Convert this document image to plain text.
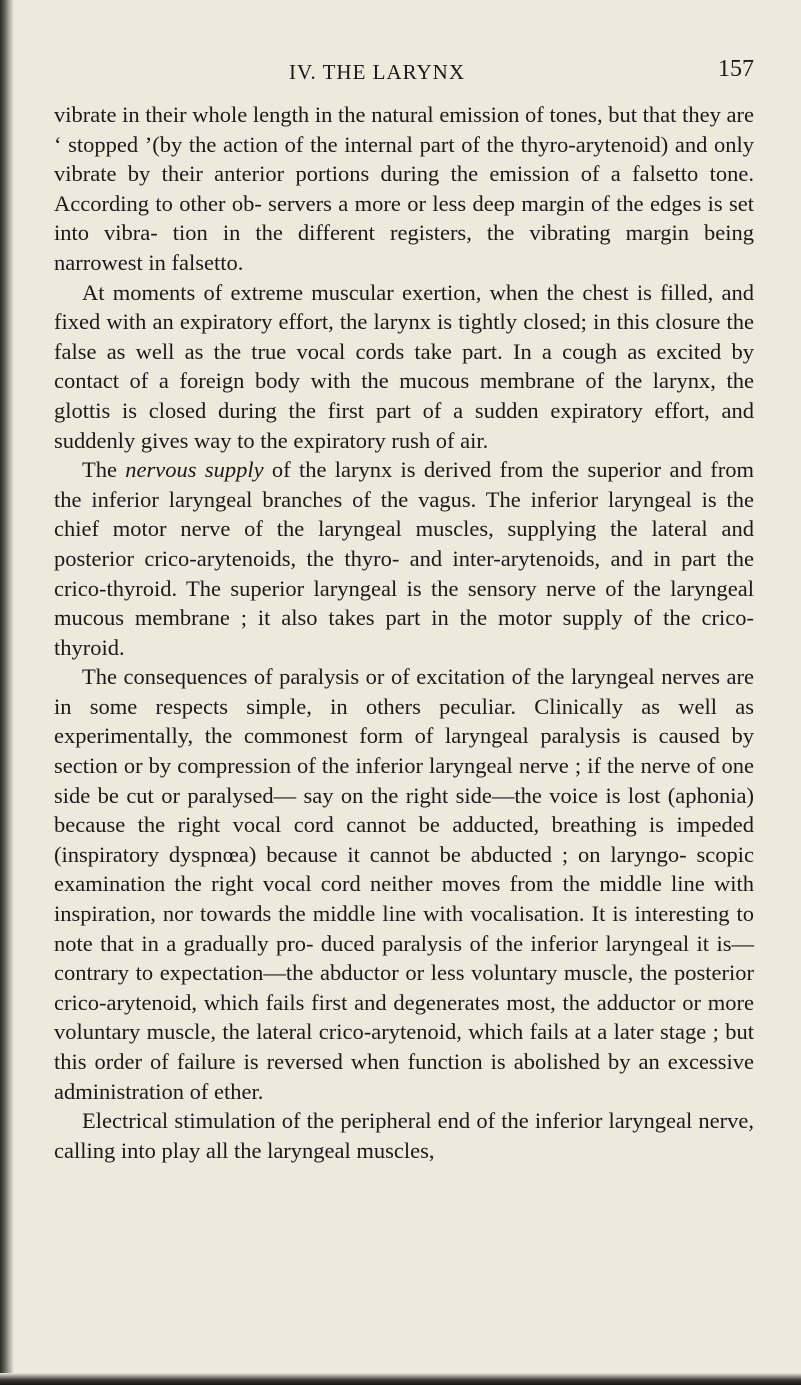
IV. THE LARYNX	157

vibrate in their whole length in the natural emission of tones, but that they are ‘ stopped ’(by the action of the internal part of the thyro-arytenoid) and only vibrate by their anterior portions during the emission of a falsetto tone. According to other ob- servers a more or less deep margin of the edges is set into vibra- tion in the different registers, the vibrating margin being narrowest in falsetto.

At moments of extreme muscular exertion, when the chest is filled, and fixed with an expiratory effort, the larynx is tightly closed; in this closure the false as well as the true vocal cords take part. In a cough as excited by contact of a foreign body with the mucous membrane of the larynx, the glottis is closed during the first part of a sudden expiratory effort, and suddenly gives way to the expiratory rush of air.

The nervous supply of the larynx is derived from the superior and from the inferior laryngeal branches of the vagus. The inferior laryngeal is the chief motor nerve of the laryngeal muscles, supplying the lateral and posterior crico-arytenoids, the thyro- and inter-arytenoids, and in part the crico-thyroid. The superior laryngeal is the sensory nerve of the laryngeal mucous membrane ; it also takes part in the motor supply of the crico- thyroid.

The consequences of paralysis or of excitation of the laryngeal nerves are in some respects simple, in others peculiar. Clinically as well as experimentally, the commonest form of laryngeal paralysis is caused by section or by compression of the inferior laryngeal nerve ; if the nerve of one side be cut or paralysed— say on the right side—the voice is lost (aphonia) because the right vocal cord cannot be adducted, breathing is impeded (inspiratory dyspnœa) because it cannot be abducted ; on laryngo- scopic examination the right vocal cord neither moves from the middle line with inspiration, nor towards the middle line with vocalisation. It is interesting to note that in a gradually pro- duced paralysis of the inferior laryngeal it is—contrary to expectation—the abductor or less voluntary muscle, the posterior crico-arytenoid, which fails first and degenerates most, the adductor or more voluntary muscle, the lateral crico-arytenoid, which fails at a later stage ; but this order of failure is reversed when function is abolished by an excessive administration of ether.

Electrical stimulation of the peripheral end of the inferior laryngeal nerve, calling into play all the laryngeal muscles,
